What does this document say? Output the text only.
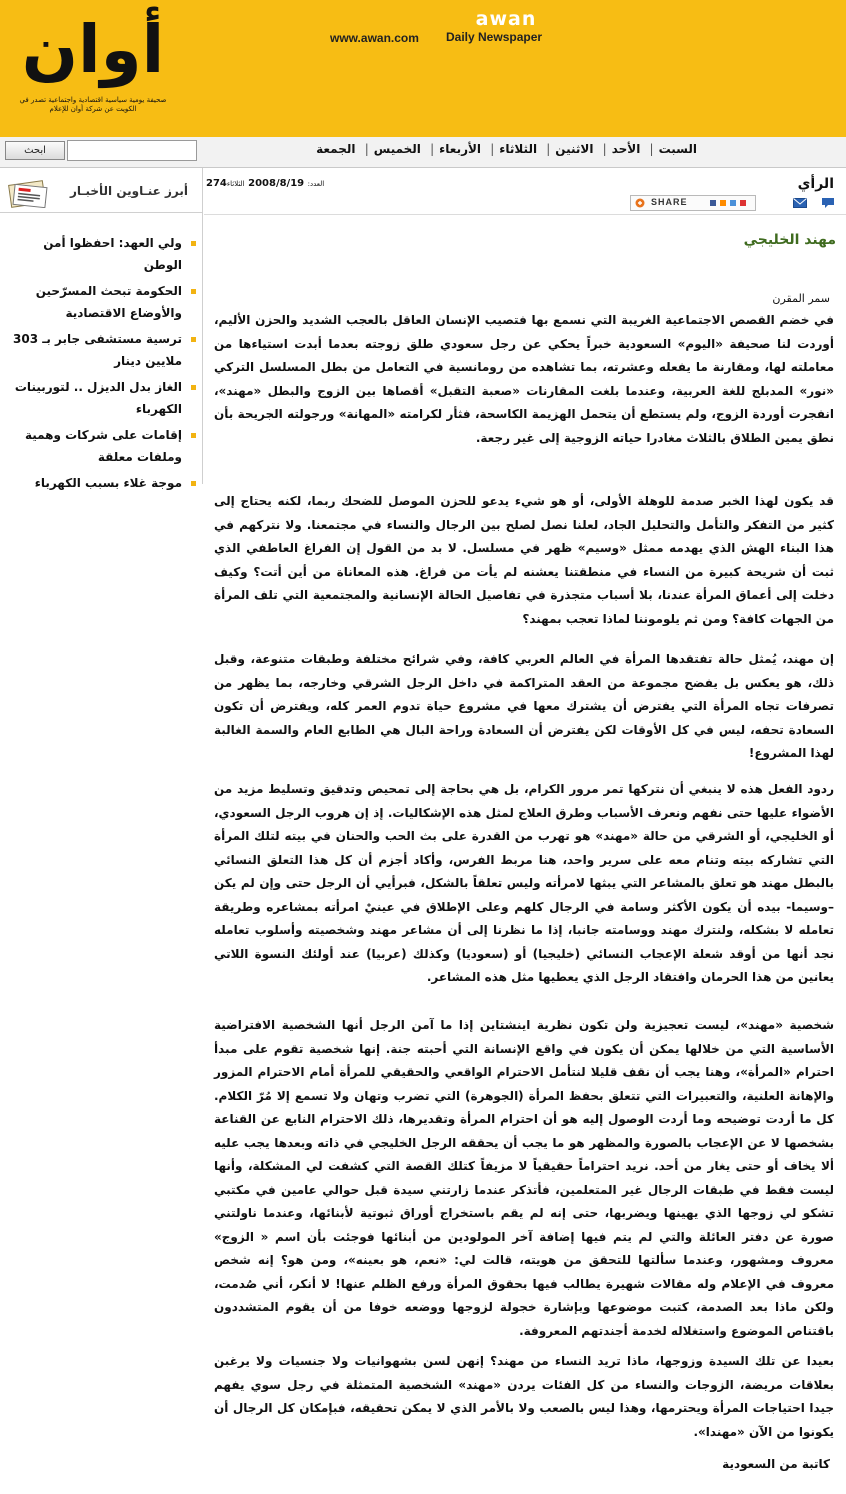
أوان
صحيفة يومية سياسية اقتصادية واجتماعية تصدر في الكويت عن شركة أوان للإعلام
awan
www.awan.com Daily Newspaper
ابحث	السبت| الأحد| الاثنين| الثلاثاء| الأربعاء| الخميس| الجمعة
أبرز عنـاوين الأخبـار
ولي العهد: احفظوا أمن الوطن
الحكومة تبحث المسرّحين والأوضاع الاقتصادية
ترسية مستشفى جابر بـ 303 ملايين دينار
الغاز بدل الديزل .. لتوربينات الكهرباء
إقامات على شركات وهمية وملفات معلقة
موجة غلاء بسبب الكهرباء
الرأي
274	العدد: 2008/8/19 الثلاثاء
SHARE
مهند الخليجي
سمر المقرن

في خضم القصص الاجتماعية الغريبة التي نسمع بها فتصيب الإنسان العاقل بالعجب الشديد والحزن الأليم، أوردت لنا صحيفة «اليوم» السعودية خبراً يحكي عن رجل سعودي طلق زوجته بعدما أبدت استياءها من معاملته لها، ومقارنة ما يفعله وعشرته، بما تشاهده من رومانسية في التعامل من بطل المسلسل التركي «نور» المدبلج للغة العربية، وعندما بلغت المقارنات «صعبة التقبل» أقصاها بين الزوج والبطل «مهند»، انفجرت أوردة الزوج، ولم يستطع أن يتحمل الهزيمة الكاسحة، فثأر لكرامته «المهانة» ورجولته الجريحة بأن نطق يمين الطلاق بالثلاث مغادرا حياته الزوجية إلى غير رجعة.

قد يكون لهذا الخبر صدمة للوهلة الأولى، أو هو شيء يدعو للحزن الموصل للضحك ربما، لكنه يحتاج إلى كثير من التفكر والتأمل والتحليل الجاد، لعلنا نصل لصلح بين الرجال والنساء في مجتمعنا. ولا نتركهم في هذا البناء الهش الذي يهدمه ممثل «وسيم» ظهر في مسلسل. لا بد من القول إن الفراغ العاطفي الذي ثبت أن شريحة كبيرة من النساء في منطقتنا يعشنه لم يأت من فراغ. هذه المعاناة من أين أتت؟ وكيف دخلت إلى أعماق المرأة عندنا، بلا أسباب متجذرة في تفاصيل الحالة الإنسانية والمجتمعية التي تلف المرأة من الجهات كافة؟ ومن ثم يلوموننا لماذا تعجب بمهند؟

إن مهند، يُمثل حالة تفتقدها المرأة في العالم العربي كافة، وفي شرائح مختلفة وطبقات متنوعة، وقبل ذلك، هو يعكس بل يفضح مجموعة من العقد المتراكمة في داخل الرجل الشرقي وخارجه، بما يظهر من تصرفات تجاه المرأة التي يفترض أن يشترك معها في مشروع حياة تدوم العمر كله، ويفترض أن تكون السعادة تحفه، ليس في كل الأوقات لكن يفترض أن السعادة وراحة البال هي الطابع العام والسمة الغالبة لهذا المشروع!

ردود الفعل هذه لا ينبغي أن نتركها تمر مرور الكرام، بل هي بحاجة إلى تمحيص وتدقيق وتسليط مزيد من الأضواء عليها حتى نفهم ونعرف الأسباب وطرق العلاج لمثل هذه الإشكاليات. إذ إن هروب الرجل السعودي، أو الخليجي، أو الشرقي من حالة «مهند» هو تهرب من القدرة على بث الحب والحنان في بيته لتلك المرأة التي تشاركه بيته وتنام معه على سرير واحد، هنا مربط الفرس، وأكاد أجزم أن كل هذا التعلق النسائي بالبطل مهند هو تعلق بالمشاعر التي يبثها لامرأته وليس تعلقاً بالشكل، فبرأيي أن الرجل حتى وإن لم يكن –وسيما- بيده أن يكون الأكثر وسامة في الرجال كلهم وعلى الإطلاق في عينيْ امرأته بمشاعره وطريقة تعامله لا بشكله، ولنترك مهند ووسامته جانبا، إذا ما نظرنا إلى أن مشاعر مهند وشخصيته وأسلوب تعامله نجد أنها من أوقد شعلة الإعجاب النسائي (خليجيا) أو (سعوديا) وكذلك (عربيا) عند أولئك النسوة اللاتي يعانين من هذا الحرمان وافتقاد الرجل الذي يعطيها مثل هذه المشاعر.

شخصية «مهند»، ليست تعجيزية ولن تكون نظرية اينشتاين إذا ما آمن الرجل أنها الشخصية الافتراضية الأساسية التي من خلالها يمكن أن يكون في واقع الإنسانة التي أحبته جنة. إنها شخصية تقوم على مبدأ احترام «المرأة»، وهنا يجب أن نقف قليلا لنتأمل الاحترام الواقعي والحقيقي للمرأة أمام الاحترام المزور والإهانة العلنية، والتعبيرات التي تتعلق بحفظ المرأة (الجوهرة) التي تضرب وتهان ولا تسمع إلا مُرّ الكلام. كل ما أردت توضيحه وما أردت الوصول إليه هو أن احترام المرأة وتقديرها، ذلك الاحترام النابع عن القناعة بشخصها لا عن الإعجاب بالصورة والمظهر هو ما يجب أن يحققه الرجل الخليجي في ذاته وبعدها يجب عليه ألا يخاف أو حتى يغار من أحد. نريد احتراماً حقيقياً لا مزيفاً كتلك القصة التي كشفت لي المشكلة، وأنها ليست فقط في طبقات الرجال غير المتعلمين، فأتذكر عندما زارتني سيدة قبل حوالي عامين في مكتبي تشكو لي زوجها الذي يهينها ويضربها، حتى إنه لم يقم باستخراج أوراق ثبوتية لأبنائها، وعندما ناولتني صورة عن دفتر العائلة والتي لم يتم فيها إضافة آخر المولودين من أبنائها فوجئت بأن اسم « الزوج» معروف ومشهور، وعندما سألتها للتحقق من هويته، قالت لي: «نعم، هو بعينه»، ومن هو؟ إنه شخص معروف في الإعلام وله مقالات شهيرة يطالب فيها بحقوق المرأة ورفع الظلم عنها! لا أنكر، أني صُدمت، ولكن ماذا بعد الصدمة، كتبت موضوعها وبإشارة خجولة لزوجها ووضعه خوفا من أن يقوم المتشددون باقتناص الموضوع واستغلاله لخدمة أجندتهم المعروفة.

بعيدا عن تلك السيدة وزوجها، ماذا تريد النساء من مهند؟ إنهن لسن بشهوانيات ولا جنسيات ولا يرغبن بعلاقات مريضة، الزوجات والنساء من كل الفئات يردن «مهند» الشخصية المتمثلة في رجل سوي يفهم جيدا احتياجات المرأة ويحترمها، وهذا ليس بالصعب ولا بالأمر الذي لا يمكن تحقيقه، فبإمكان كل الرجال أن يكونوا من الآن «مهندا».

كاتبة من السعودية
